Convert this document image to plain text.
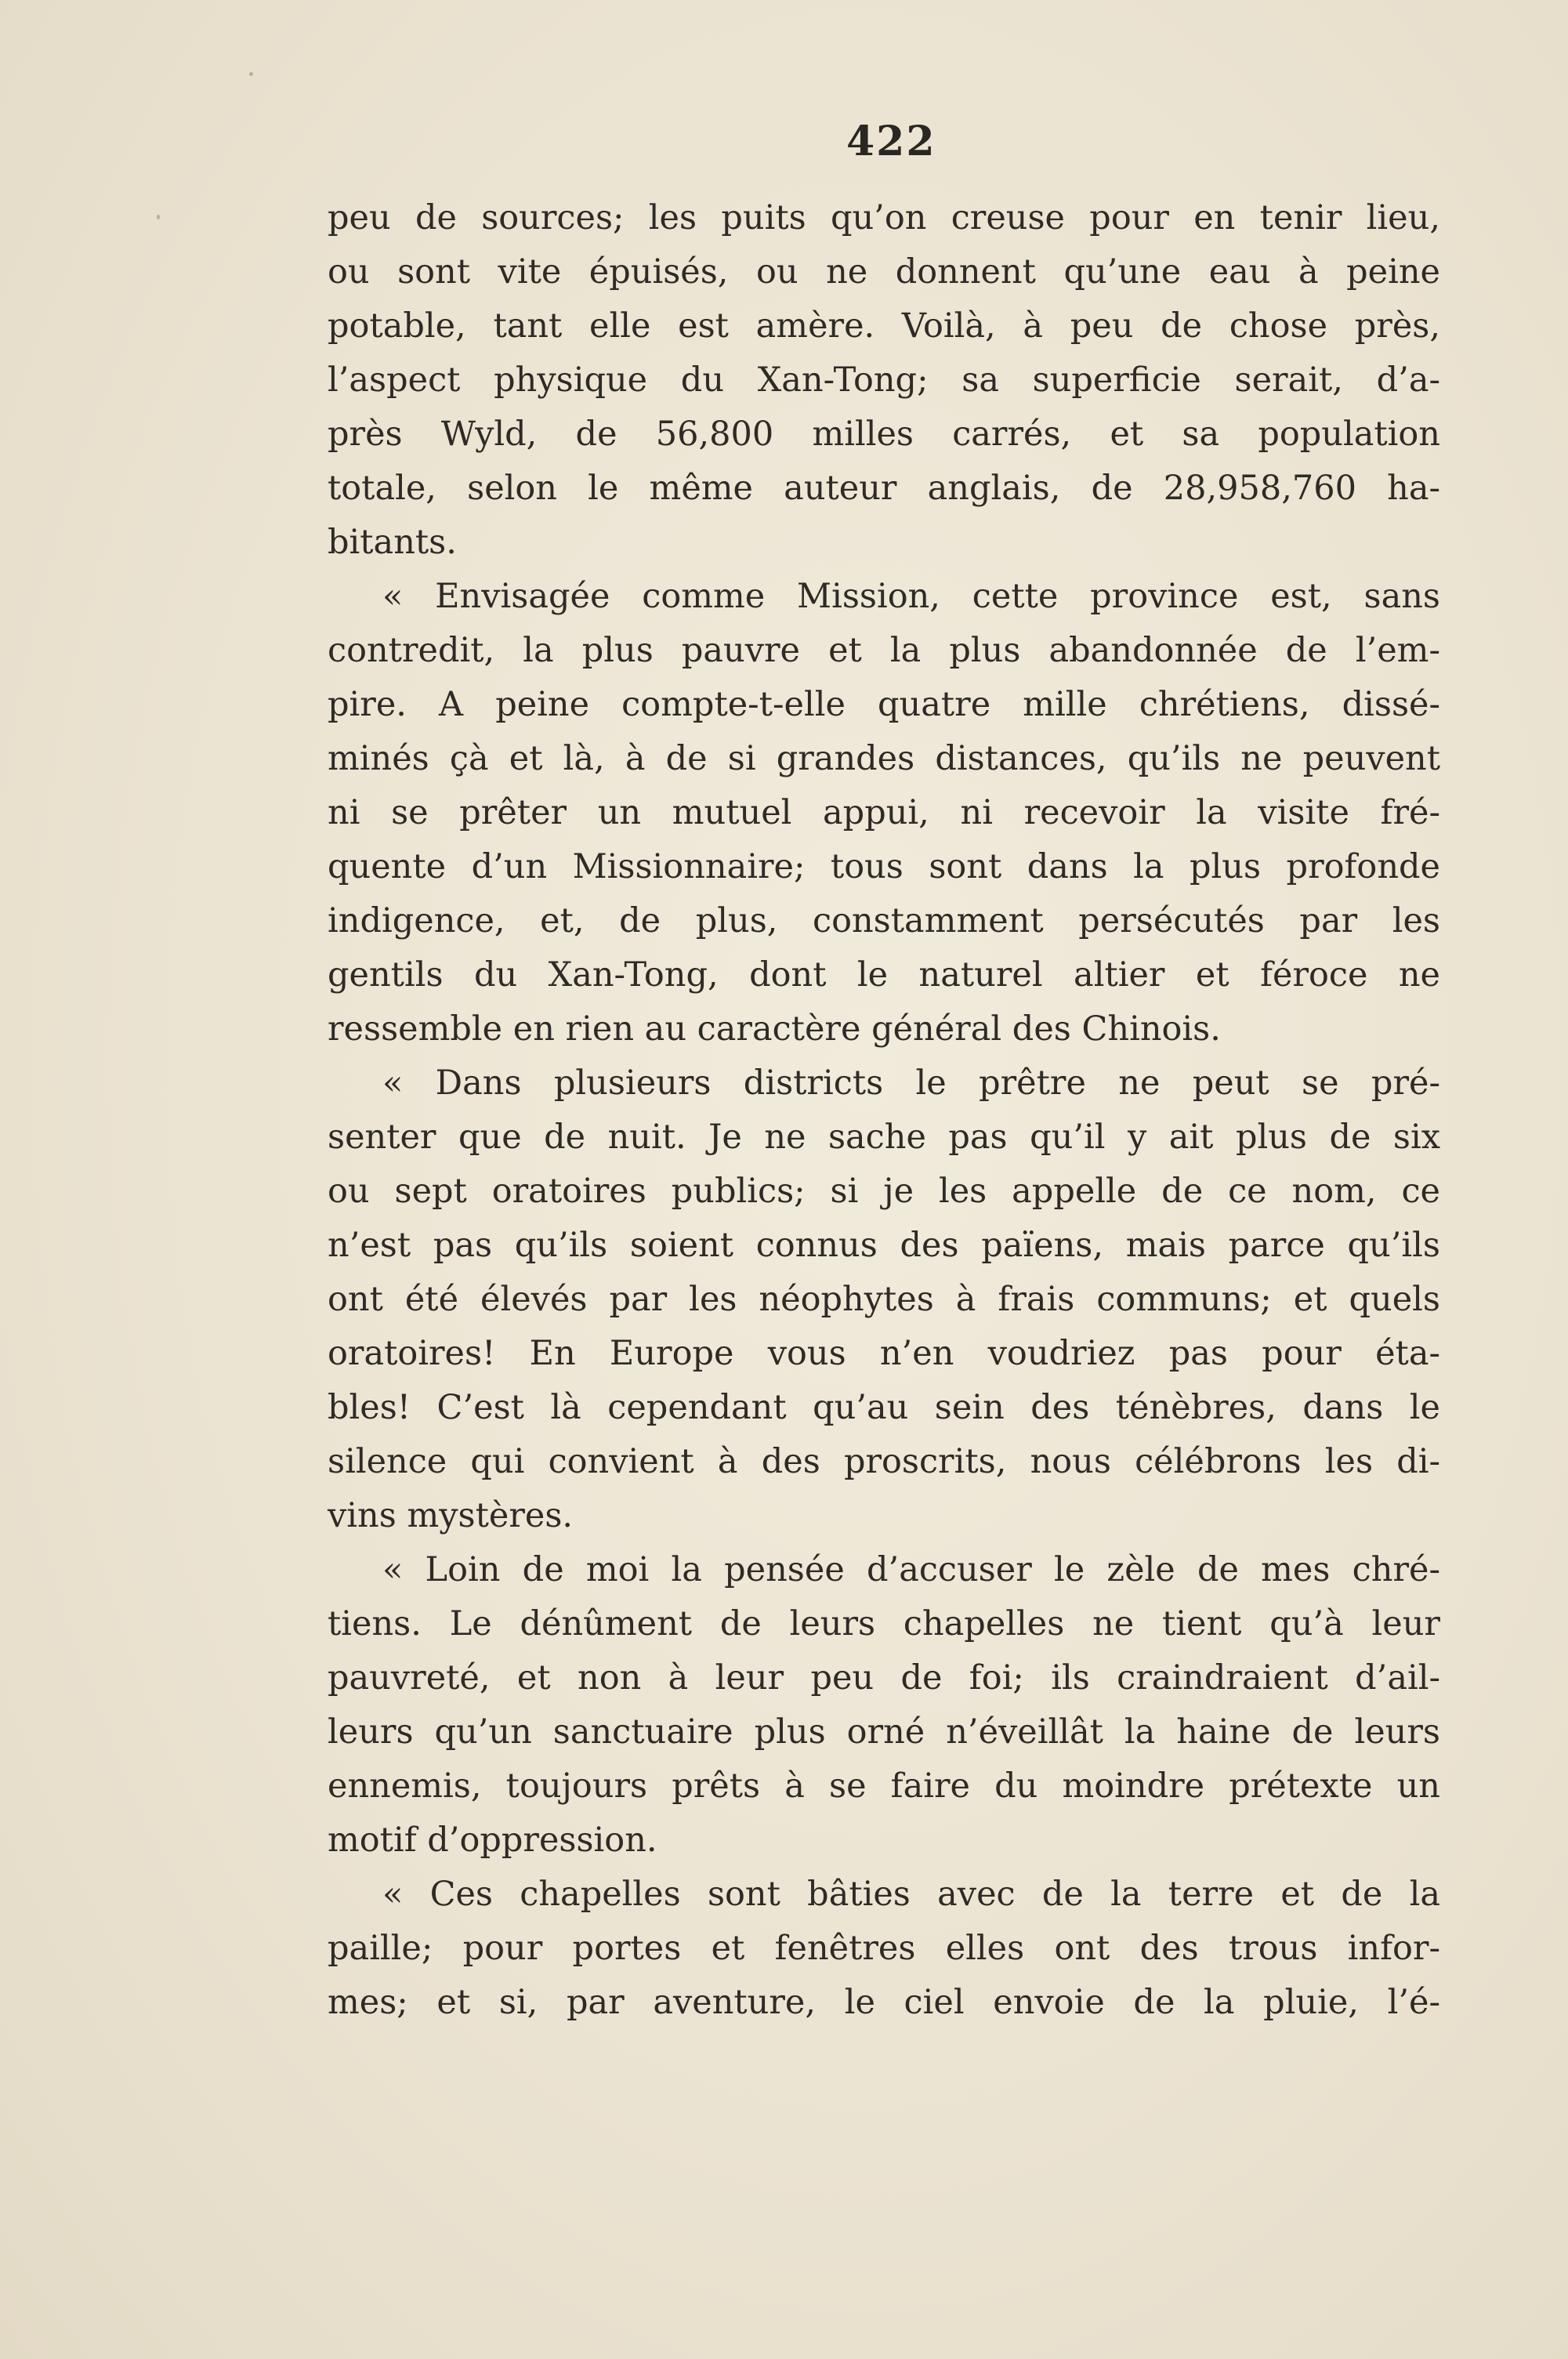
422
peu de sources; les puits qu’on creuse pour en tenir lieu,
ou sont vite épuisés, ou ne donnent qu’une eau à peine
potable, tant elle est amère. Voilà, à peu de chose près,
l’aspect physique du Xan-Tong; sa superficie serait, d’a-
près Wyld, de 56,800 milles carrés, et sa population
totale, selon le même auteur anglais, de 28,958,760 ha-
bitants.
« Envisagée comme Mission, cette province est, sans
contredit, la plus pauvre et la plus abandonnée de l’em-
pire. A peine compte-t-elle quatre mille chrétiens, dissé-
minés çà et là, à de si grandes distances, qu’ils ne peuvent
ni se prêter un mutuel appui, ni recevoir la visite fré-
quente d’un Missionnaire; tous sont dans la plus profonde
indigence, et, de plus, constamment persécutés par les
gentils du Xan-Tong, dont le naturel altier et féroce ne
ressemble en rien au caractère général des Chinois.
« Dans plusieurs districts le prêtre ne peut se pré-
senter que de nuit. Je ne sache pas qu’il y ait plus de six
ou sept oratoires publics; si je les appelle de ce nom, ce
n’est pas qu’ils soient connus des païens, mais parce qu’ils
ont été élevés par les néophytes à frais communs; et quels
oratoires! En Europe vous n’en voudriez pas pour éta-
bles! C’est là cependant qu’au sein des ténèbres, dans le
silence qui convient à des proscrits, nous célébrons les di-
vins mystères.
« Loin de moi la pensée d’accuser le zèle de mes chré-
tiens. Le dénûment de leurs chapelles ne tient qu’à leur
pauvreté, et non à leur peu de foi; ils craindraient d’ail-
leurs qu’un sanctuaire plus orné n’éveillât la haine de leurs
ennemis, toujours prêts à se faire du moindre prétexte un
motif d’oppression.
« Ces chapelles sont bâties avec de la terre et de la
paille; pour portes et fenêtres elles ont des trous infor-
mes; et si, par aventure, le ciel envoie de la pluie, l’é-
